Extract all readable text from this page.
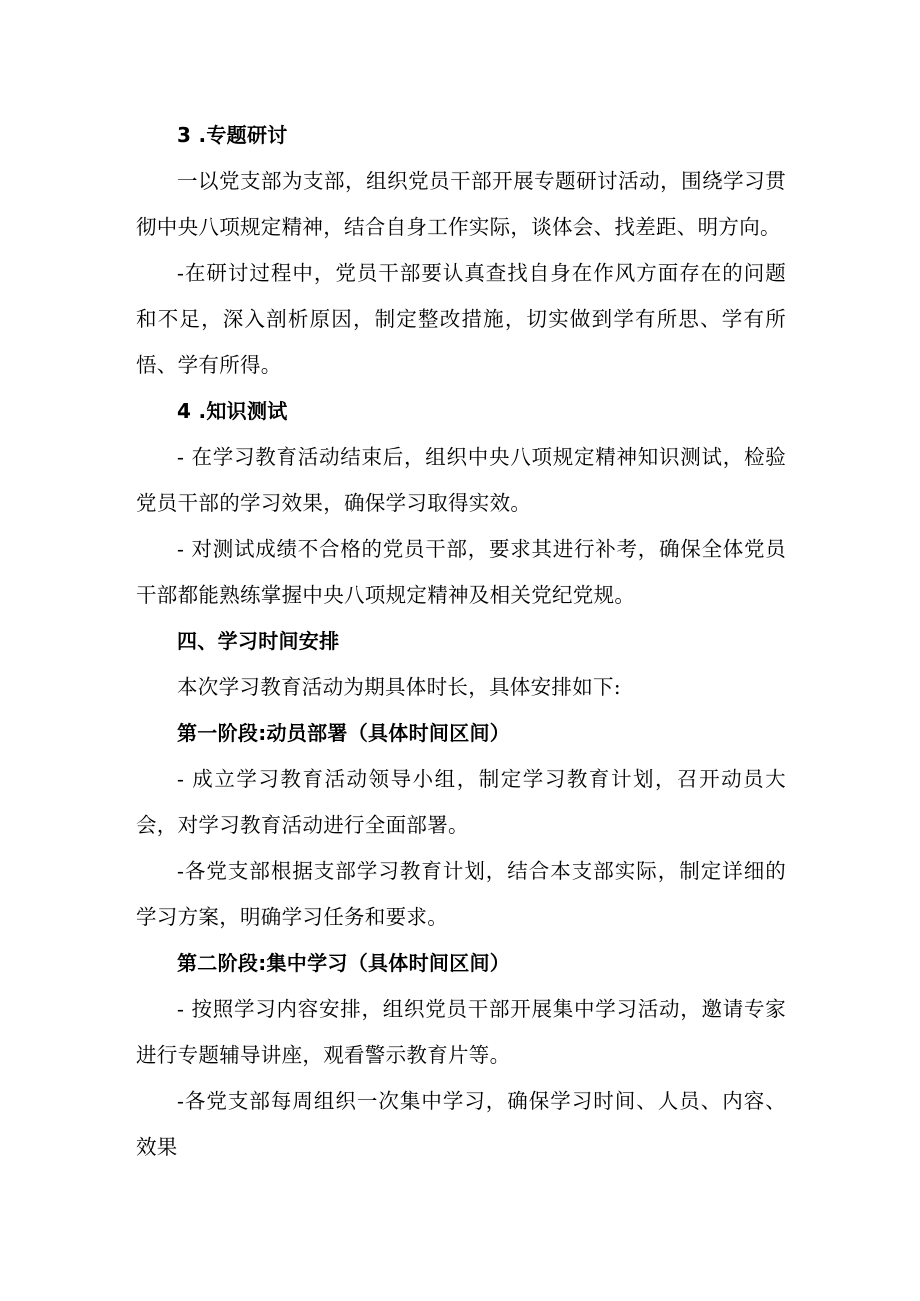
3 .专题研讨

一以党支部为支部，组织党员干部开展专题研讨活动，围绕学习贯彻中央八项规定精神，结合自身工作实际，谈体会、找差距、明方向。

-在研讨过程中，党员干部要认真查找自身在作风方面存在的问题和不足，深入剖析原因，制定整改措施，切实做到学有所思、学有所悟、学有所得。

4 .知识测试

- 在学习教育活动结束后，组织中央八项规定精神知识测试，检验党员干部的学习效果，确保学习取得实效。

- 对测试成绩不合格的党员干部，要求其进行补考，确保全体党员干部都能熟练掌握中央八项规定精神及相关党纪党规。

四、学习时间安排

本次学习教育活动为期具体时长，具体安排如下:

第一阶段:动员部署（具体时间区间）

- 成立学习教育活动领导小组，制定学习教育计划，召开动员大会，对学习教育活动进行全面部署。

-各党支部根据支部学习教育计划，结合本支部实际，制定详细的学习方案，明确学习任务和要求。

第二阶段:集中学习（具体时间区间）

- 按照学习内容安排，组织党员干部开展集中学习活动，邀请专家进行专题辅导讲座，观看警示教育片等。

-各党支部每周组织一次集中学习，确保学习时间、人员、内容、效果
